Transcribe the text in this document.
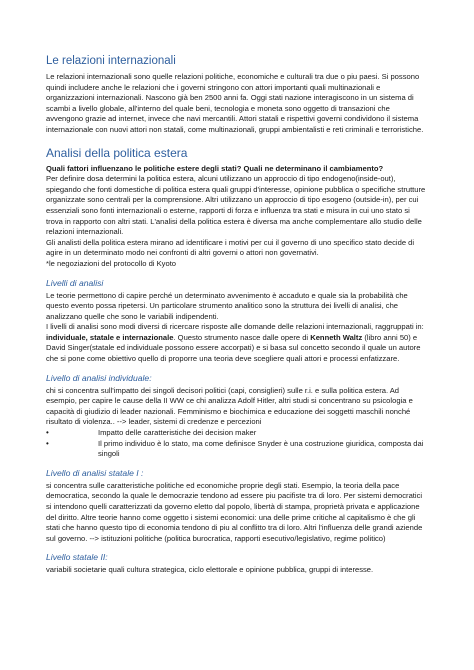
Le relazioni internazionali

Le relazioni internazionali sono quelle relazioni politiche, economiche e culturali tra due o piu paesi. Si possono quindi includere anche le relazioni che i governi stringono con attori importanti quali multinazionali e organizzazioni internazionali. Nascono già ben 2500 anni fa. Oggi stati nazione interagiscono in un sistema di scambi a livello globale, all'interno del quale beni, tecnologia e moneta sono oggetto di transazioni che avvengono grazie ad internet, invece che navi mercantili. Attori statali e rispettivi governi condividono il sistema internazionale con nuovi attori non statali, come multinazionali, gruppi ambientalisti e reti criminali e terroristiche.

Analisi della politica estera

Quali fattori influenzano le politiche estere degli stati? Quali ne determinano il cambiamento?

Per definire dosa determini la politica estera, alcuni utilizzano un approccio di tipo endogeno(inside-out), spiegando che fonti domestiche di politica estera quali gruppi d'interesse, opinione pubblica o specifiche strutture organizzate sono centrali per la comprensione. Altri utilizzano un approccio di tipo esogeno (outside-in), per cui essenziali sono fonti internazionali o esterne, rapporti di forza e influenza tra stati e misura in cui uno stato si trova in rapporto con altri stati. L'analisi della politica estera è diversa ma anche complementare allo studio delle relazioni internazionali.

Gli analisti della politica estera mirano ad identificare i motivi per cui il governo di uno specifico stato decide di agire in un determinato modo nei confronti di altri governi o attori non governativi.

*le negoziazioni del protocollo di Kyoto

Livelli di analisi

Le teorie permettono di capire perché un determinato avvenimento è accaduto e quale sia la probabilità che questo evento possa ripetersi. Un particolare strumento analitico sono la struttura dei livelli di analisi, che analizzano quelle che sono le variabili indipendenti.

I livelli di analisi sono modi diversi di ricercare risposte alle domande delle relazioni internazionali, raggruppati in: individuale, statale e internazionale. Questo strumento nasce dalle opere di Kenneth Waltz (libro anni 50) e David Singer(statale ed individuale possono essere accorpati) e si basa sul concetto secondo il quale un autore che si pone come obiettivo quello di proporre una teoria deve scegliere quali attori e processi enfatizzare.

Livello di analisi individuale:

chi si concentra sull'impatto dei singoli decisori politici (capi, consiglieri) sulle r.i. e sulla politica estera. Ad esempio, per capire le cause della II WW ce chi analizza Adolf Hitler, altri studi si concentrano su psicologia e capacità di giudizio di leader nazionali. Femminismo e biochimica e educazione dei soggetti maschili nonché risultato di violenza.. --> leader, sistemi di credenze e percezioni

•	Impatto delle caratteristiche dei decision maker
•	Il primo individuo è lo stato, ma come definisce Snyder è una costruzione giuridica, composta dai singoli
Livello di analisi statale I :

si concentra sulle caratteristiche politiche ed economiche proprie degli stati. Esempio, la teoria della pace democratica, secondo la quale le democrazie tendono ad essere piu pacifiste tra di loro. Per sistemi democratici si intendono quelli caratterizzati da governo eletto dal popolo, libertà di stampa, proprietà privata e applicazione del diritto. Altre teorie hanno come oggetto i sistemi economici: una delle prime critiche al capitalismo è che gli stati che hanno questo tipo di economia tendono di piu al conflitto tra di loro. Altri l'influenza delle grandi aziende sul governo. --> istituzioni politiche (politica burocratica, rapporti esecutivo/legislativo, regime politico)

Livello statale II:

variabili societarie quali cultura strategica, ciclo elettorale e opinione pubblica, gruppi di interesse.
